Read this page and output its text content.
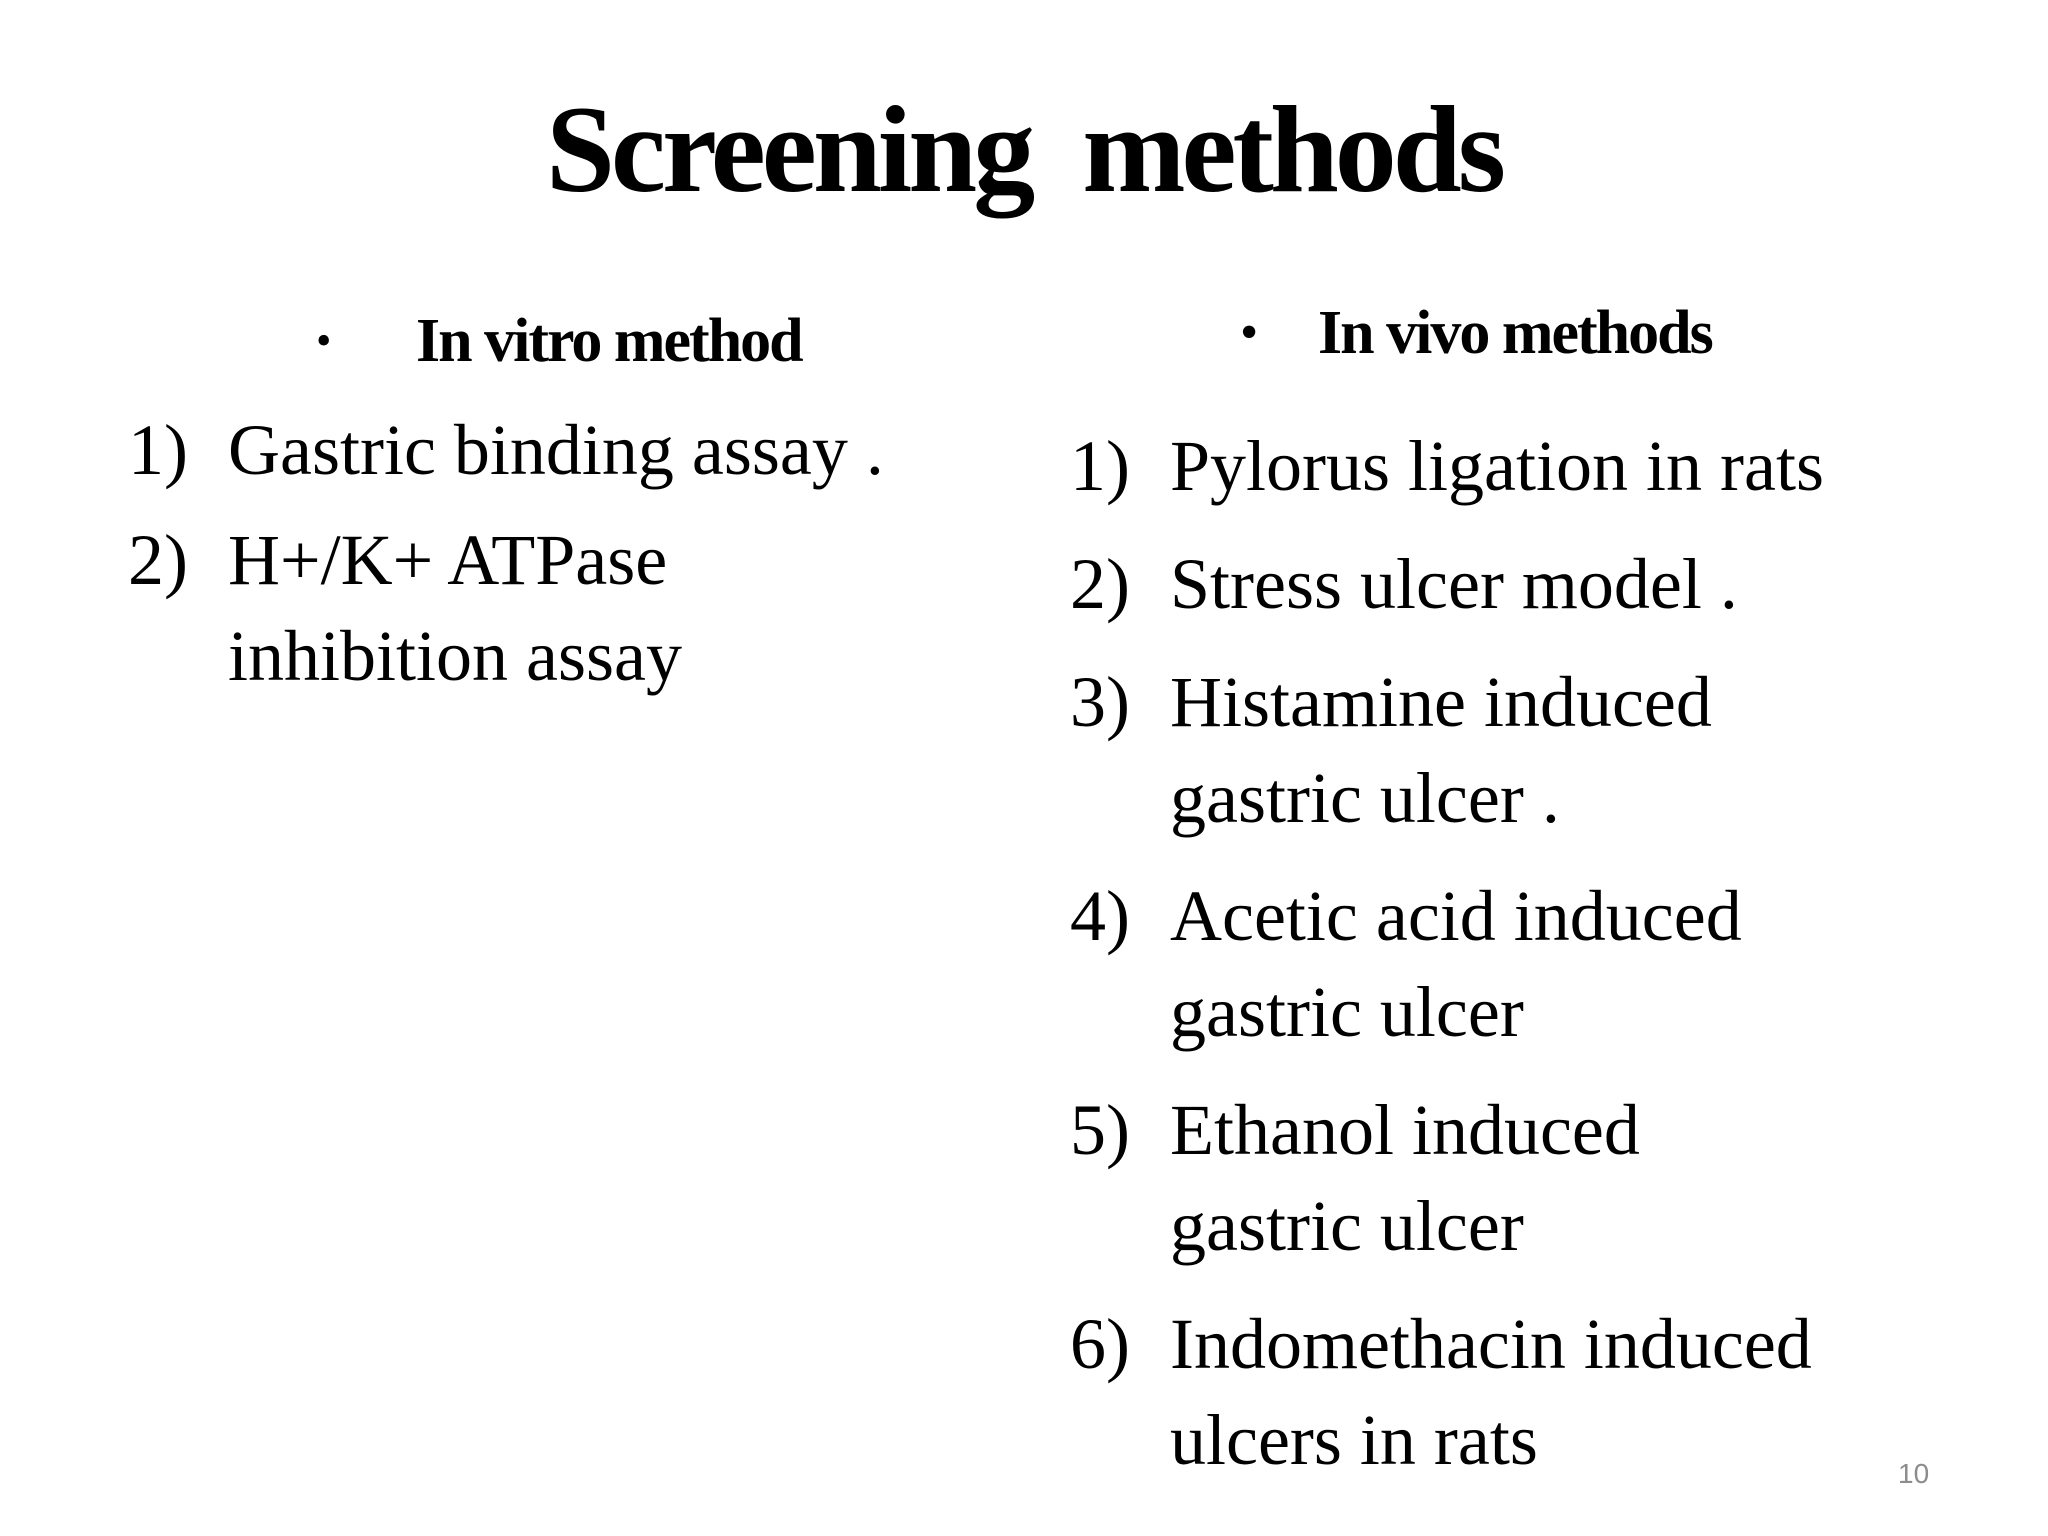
Screening methods
• In vitro method	• In vivo methods
1) Gastric binding assay .
2) H+/K+ ATPase
inhibition assay
1) Pylorus ligation in rats
2) Stress ulcer model .
3) Histamine induced
gastric ulcer .
4) Acetic acid induced
gastric ulcer
5) Ethanol induced
gastric ulcer
6) Indomethacin induced
ulcers in rats	10
